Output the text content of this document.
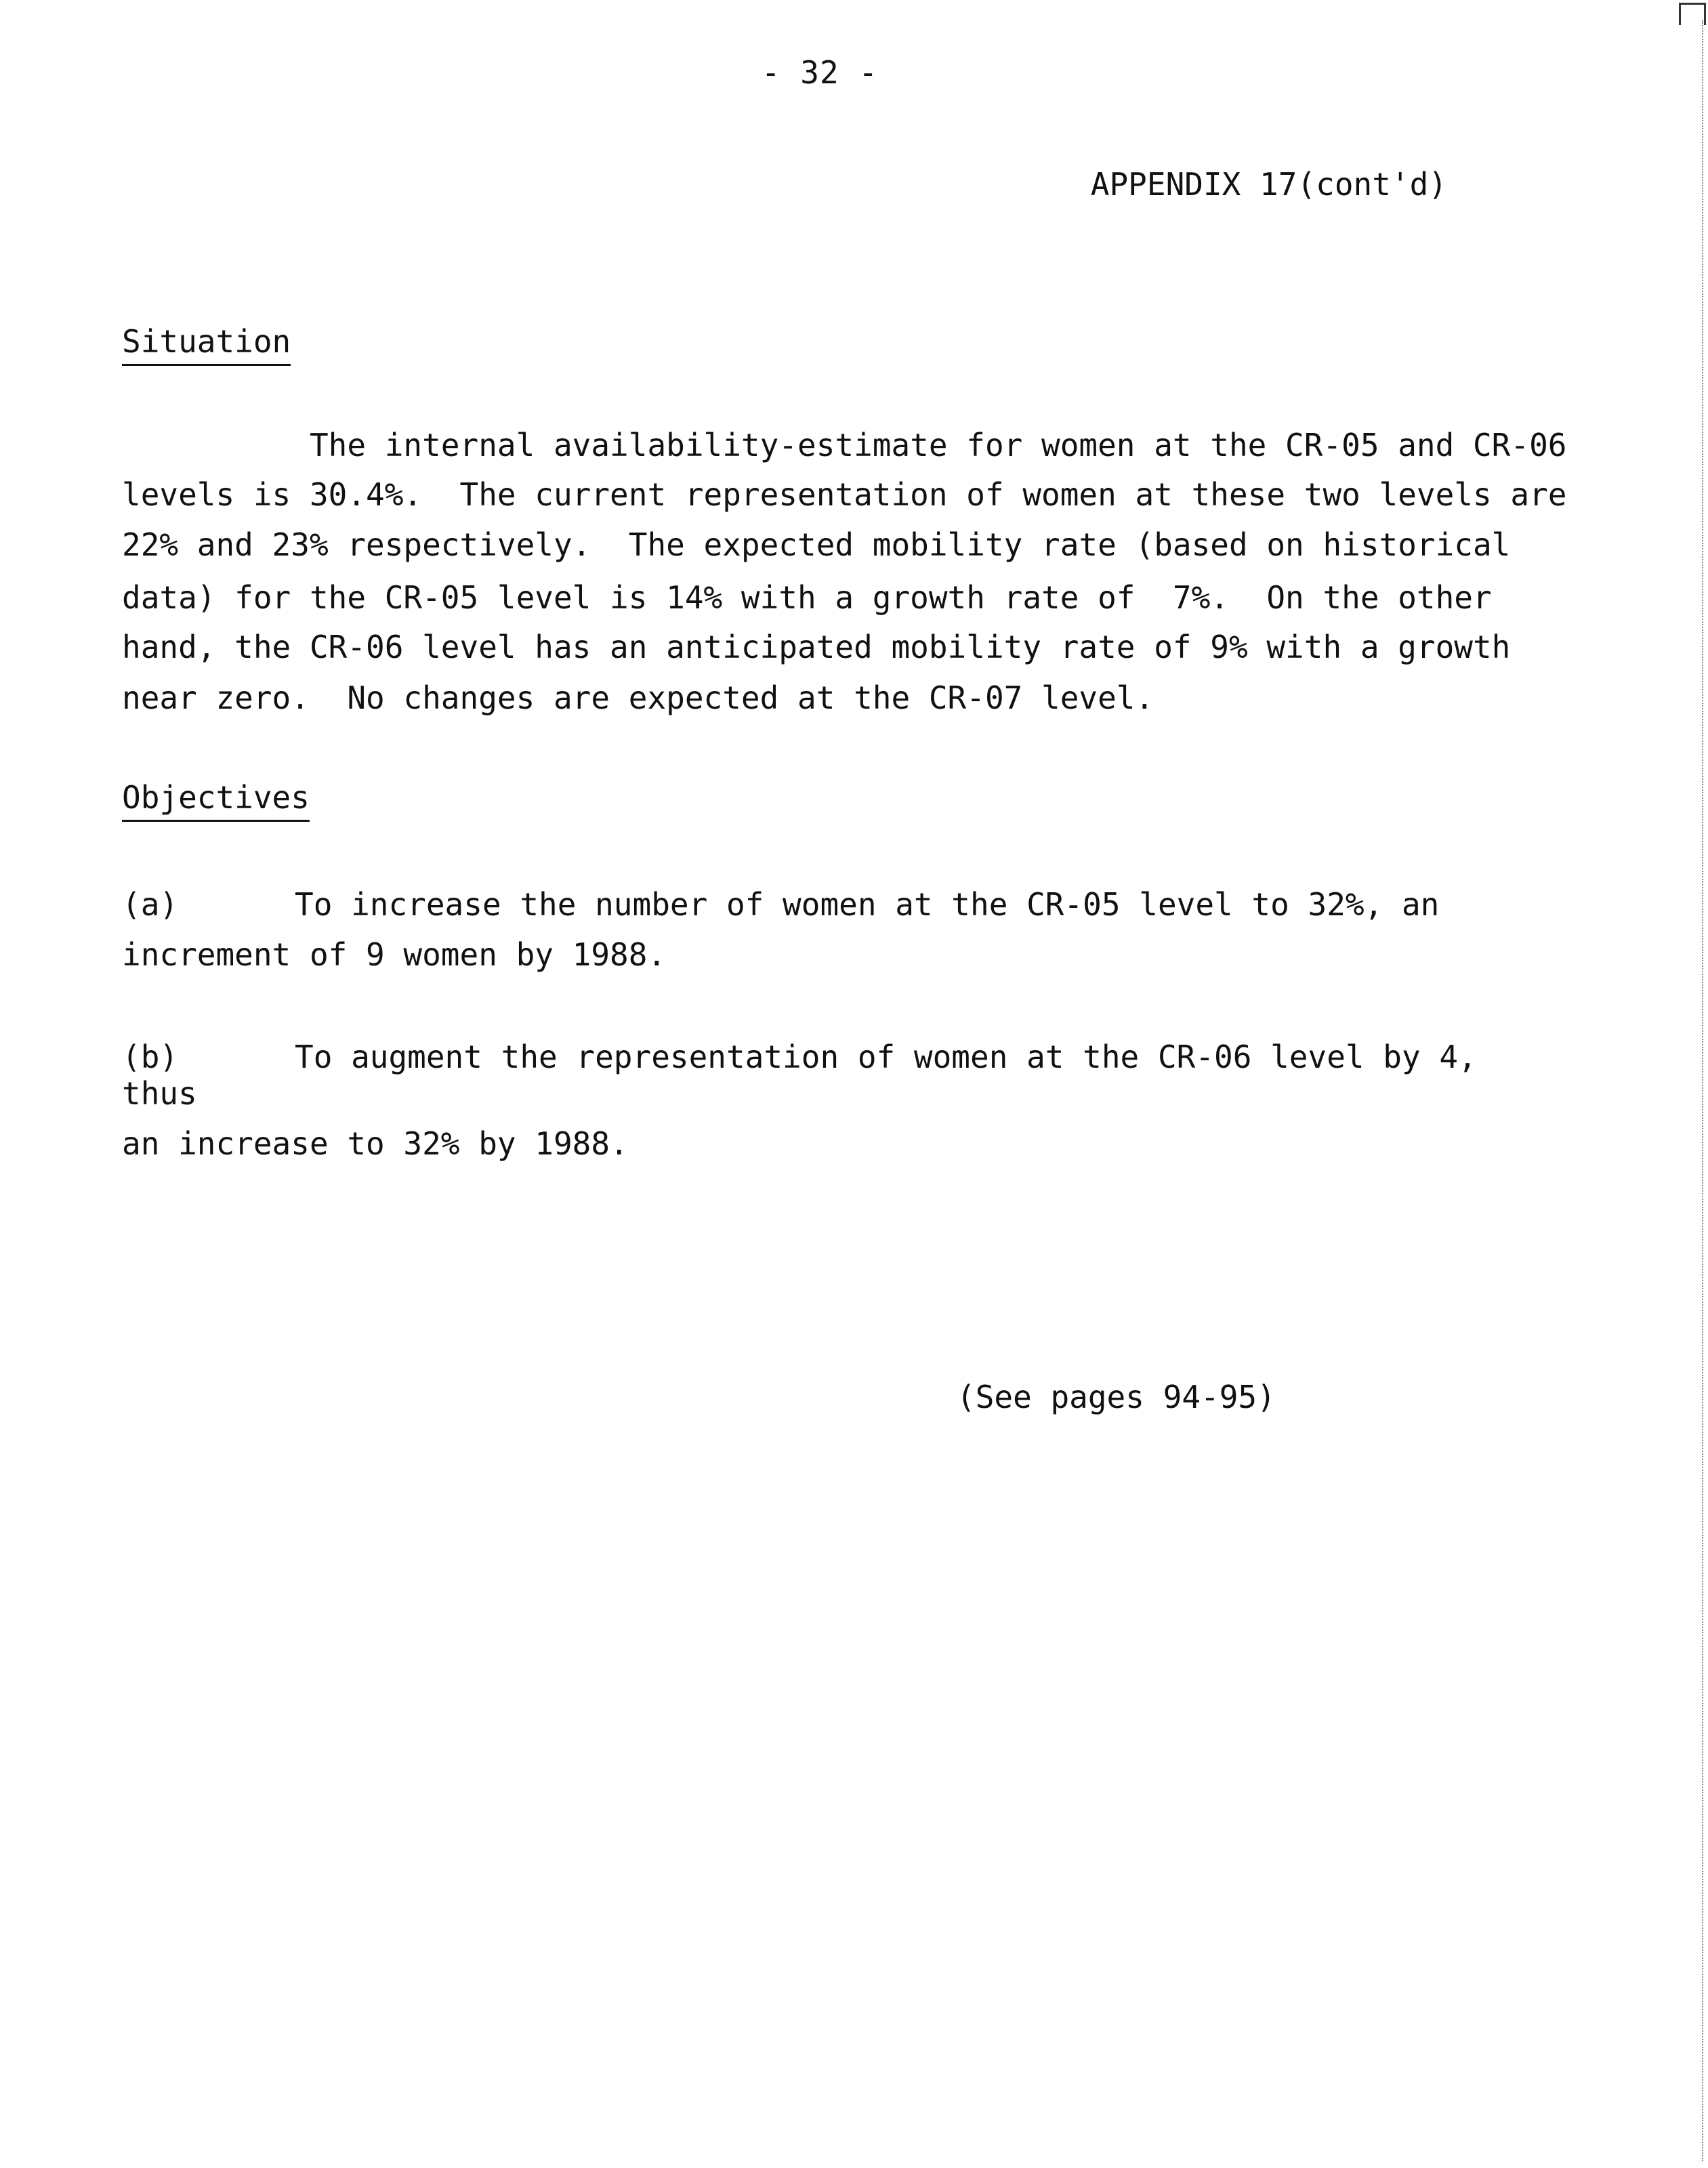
- 32 -
APPENDIX 17(cont'd)
Situation
The internal availability-estimate for women at the CR-05 and CR-06
levels is 30.4%.  The current representation of women at these two levels are
22% and 23% respectively.  The expected mobility rate (based on historical
data) for the CR-05 level is 14% with a growth rate of  7%.  On the other
hand, the CR-06 level has an anticipated mobility rate of 9% with a growth
near zero.  No changes are expected at the CR-07 level.
Objectives
(a)	To increase the number of women at the CR-05 level to 32%, an
increment of 9 women by 1988.
(b)	To augment the representation of women at the CR-06 level by 4, thus
an increase to 32% by 1988.
(See pages 94-95)
